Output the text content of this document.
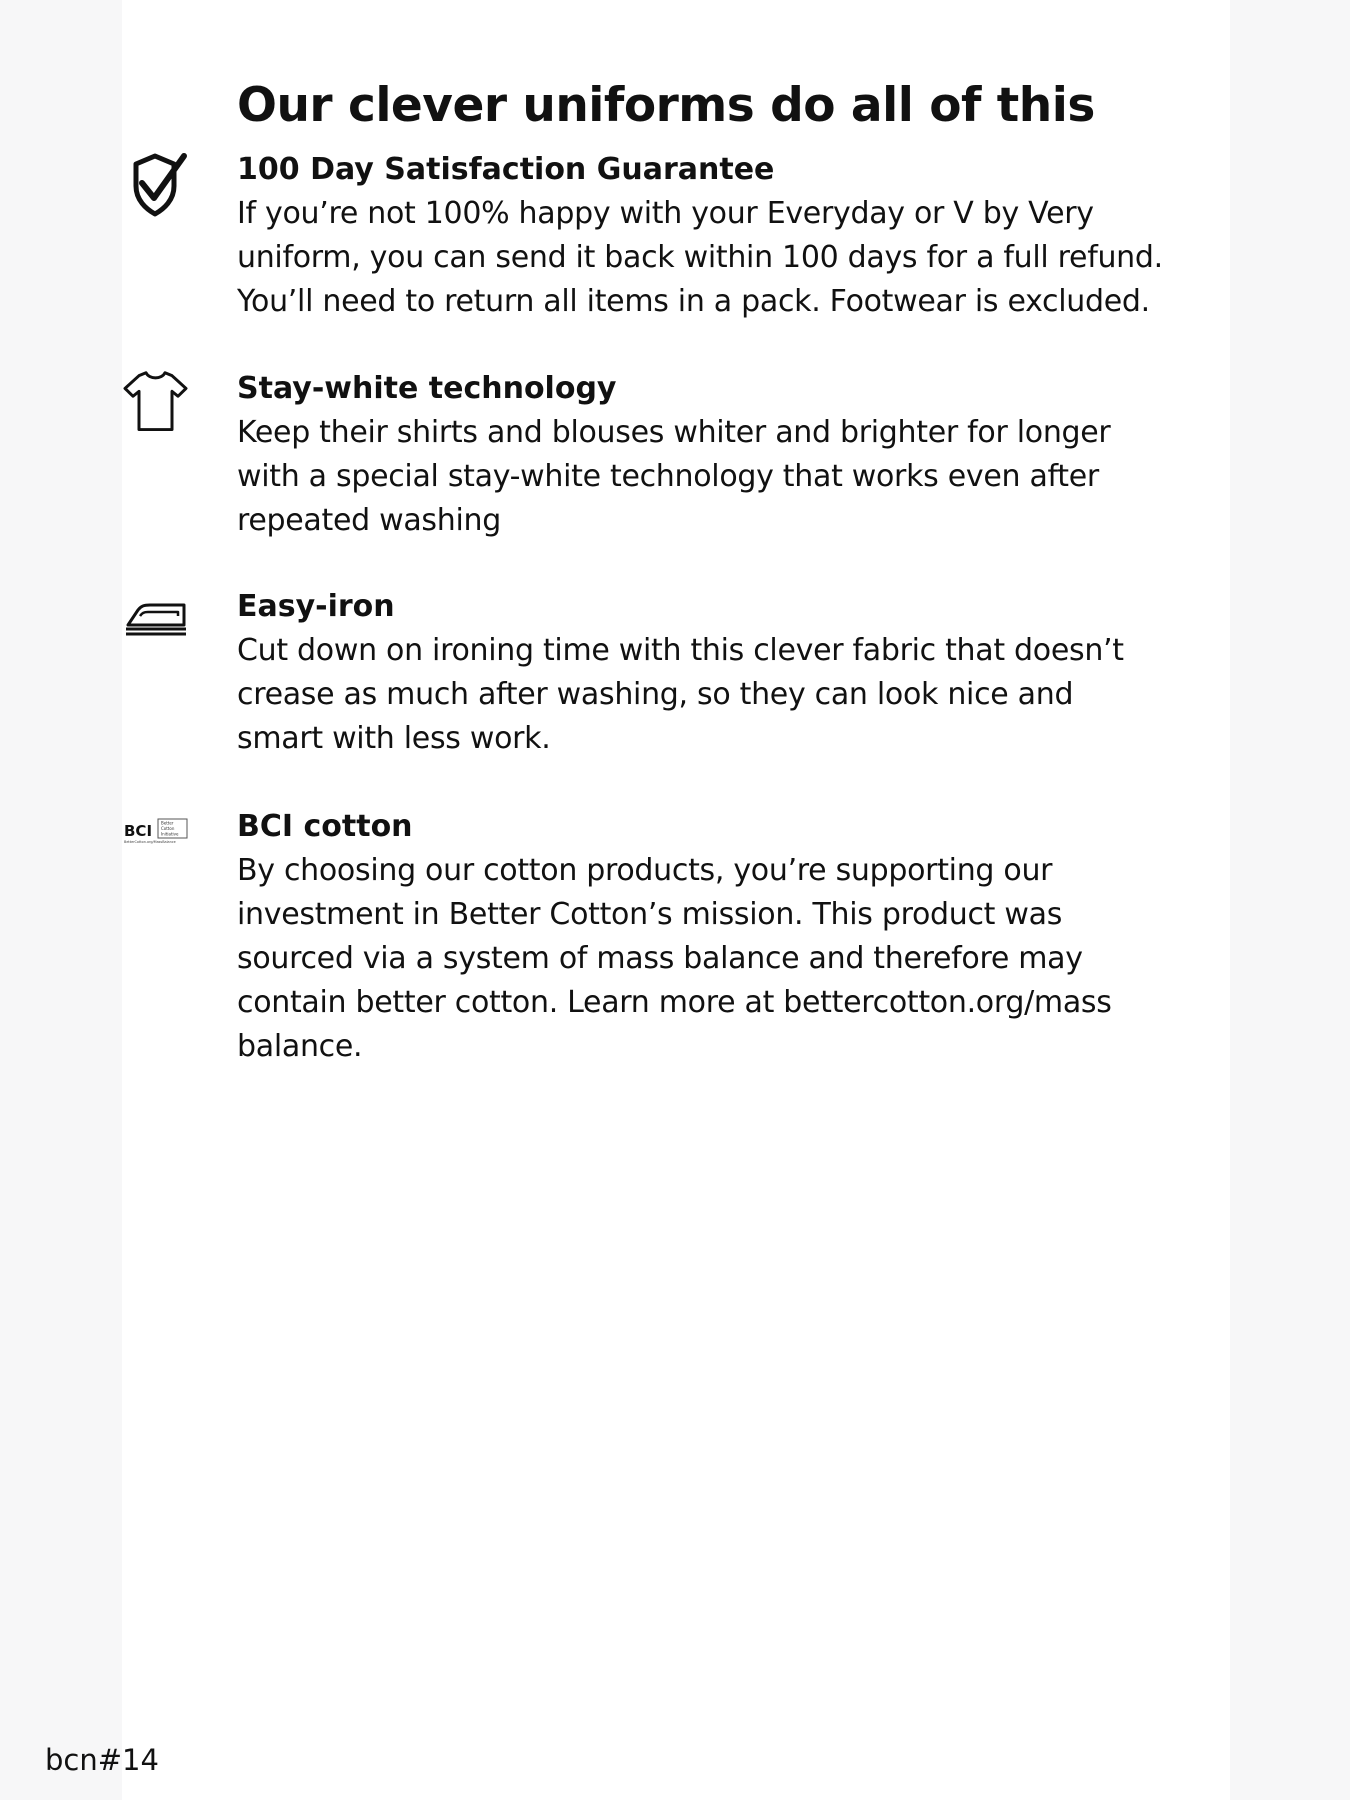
Our clever uniforms do all of this
100 Day Satisfaction Guarantee

If you’re not 100% happy with your Everyday or V by Very

uniform, you can send it back within 100 days for a full refund.

You’ll need to return all items in a pack. Footwear is excluded.

Stay-white technology

Keep their shirts and blouses whiter and brighter for longer

with a special stay-white technology that works even after

repeated washing

Easy-iron

Cut down on ironing time with this clever fabric that doesn’t

crease as much after washing, so they can look nice and

smart with less work.

BCI Better
Cotton
Initiative
BetterCotton.org/MassBalance BCI cotton

By choosing our cotton products, you’re supporting our

investment in Better Cotton’s mission. This product was

sourced via a system of mass balance and therefore may

contain better cotton. Learn more at bettercotton.org/mass

balance.

bcn#14
